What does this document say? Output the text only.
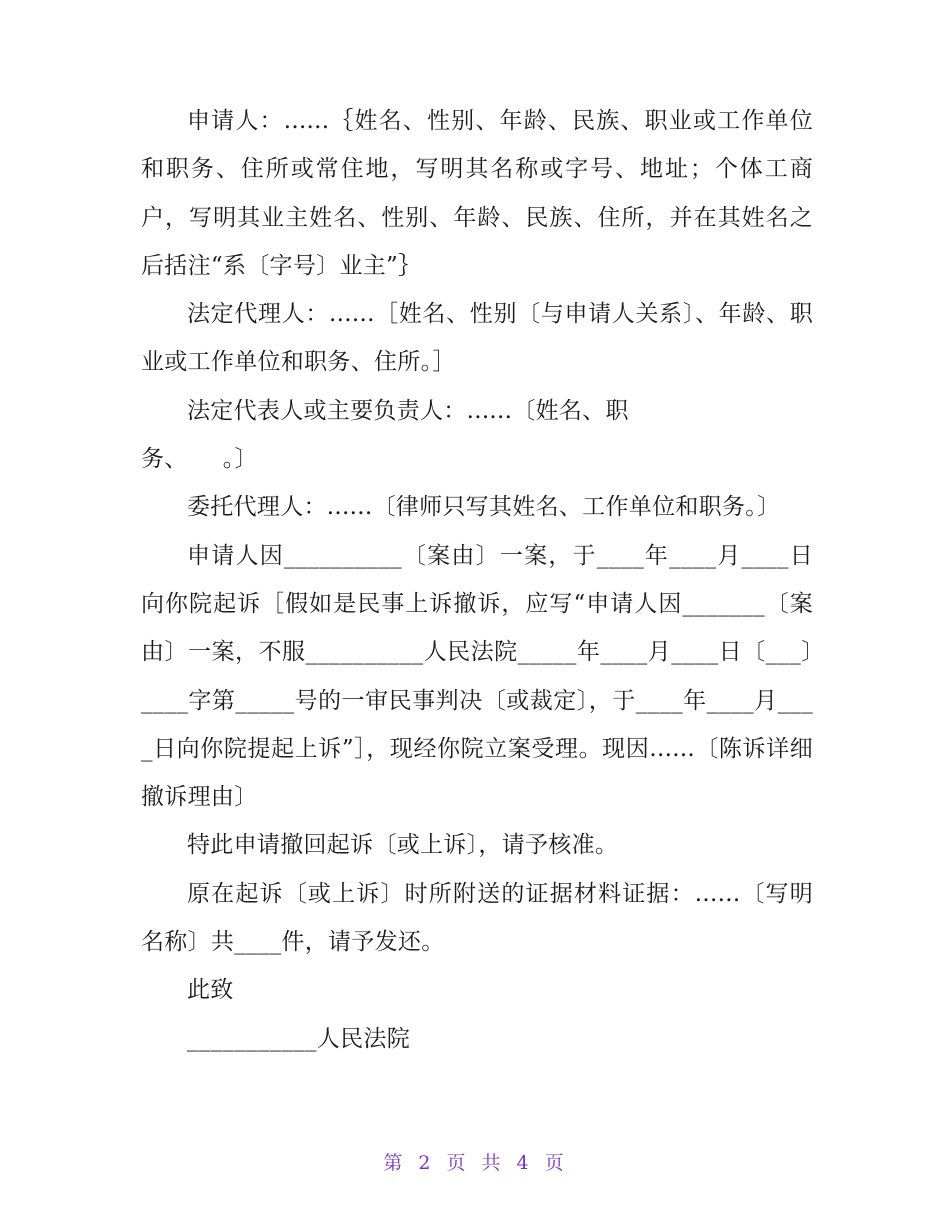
申请人：......｛姓名、性别、年龄、民族、职业或工作单位和职务、住所或常住地，写明其名称或字号、地址；个体工商户，写明其业主姓名、性别、年龄、民族、住所，并在其姓名之后括注“系〔字号〕业主”｝

法定代理人：......［姓名、性别〔与申请人关系〕、年龄、职业或工作单位和职务、住所。］

法定代表人或主要负责人：......〔姓名、职
务、　　。〕

委托代理人：......〔律师只写其姓名、工作单位和职务。〕

申请人因__________〔案由〕一案，于____年____月____日向你院起诉［假如是民事上诉撤诉，应写“申请人因_______〔案由〕一案，不服__________人民法院_____年____月____日〔___〕____字第_____号的一审民事判决〔或裁定〕，于____年____月____日向你院提起上诉”］，现经你院立案受理。现因......〔陈诉详细撤诉理由〕

特此申请撤回起诉〔或上诉〕，请予核准。

原在起诉〔或上诉〕时所附送的证据材料证据：......〔写明名称〕共____件，请予发还。

此致

___________人民法院

第 2 页 共 4 页
